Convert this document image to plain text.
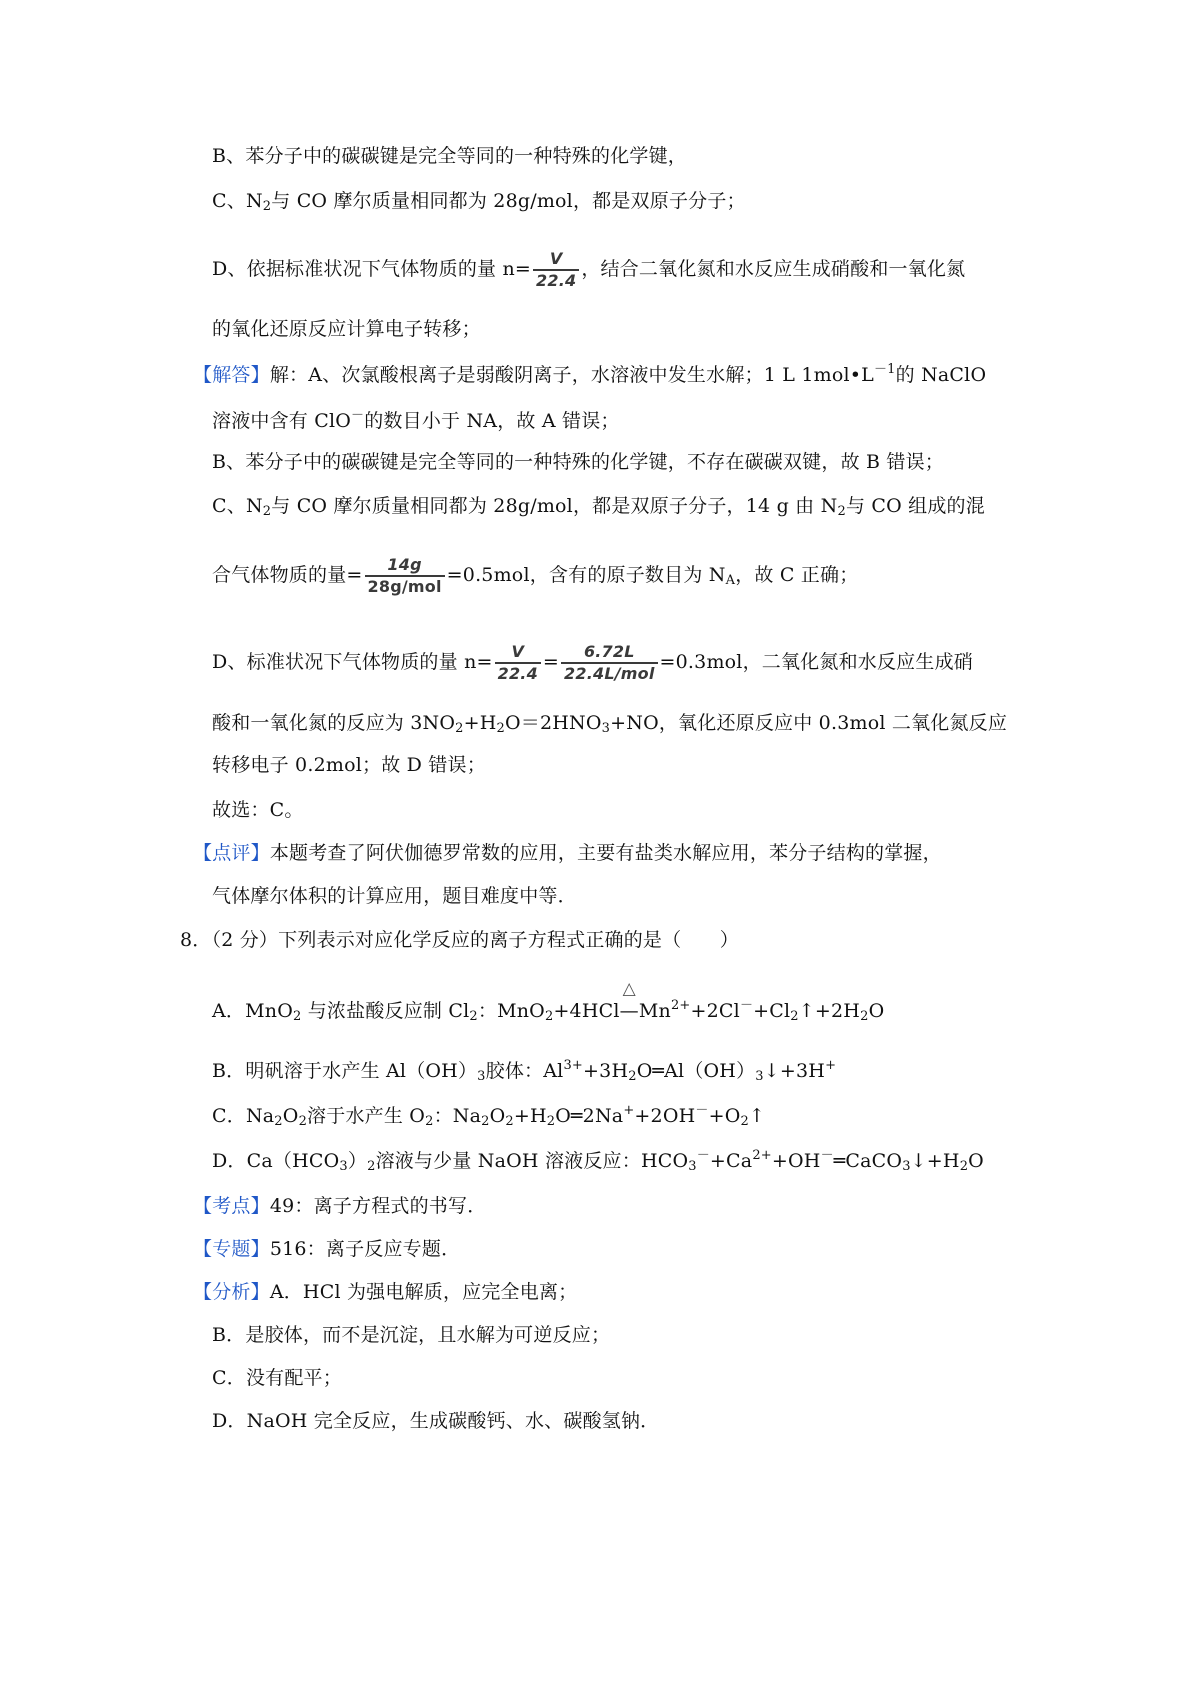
B、苯分子中的碳碳键是完全等同的一种特殊的化学键，
C、$N_2$与 CO 摩尔质量相同都为 28g/mol，都是双原子分子；
D、依据标准状况下气体物质的量 $n= \frac{V}{22.4}$ ，结合二氧化氮和水反应生成硝酸和一氧化氮
的氧化还原反应计算电子转移；
【解答】解：A、次氯酸根离子是弱酸阴离子，水溶液中发生水解；1 L $1mol•L^{-1}$的 NaClO
溶液中含有 ClO－的数目小于 NA，故 A 错误；
B、苯分子中的碳碳键是完全等同的一种特殊的化学键，不存在碳碳双键，故 B 错误；
C、$N_2$与 CO 摩尔质量相同都为 28g/mol，都是双原子分子，14 g 由 $N_2$与 CO 组成的混
合气体物质的量= $\frac{14g}{\text{28g/mol}} =0.5mol$，含有的原子数目为 $N_A$，故 C 正确；
D、标准状况下气体物质的量 $n= \frac{V}{22.4} = \frac{6.72L}{\text{22.4L/mol}} =0.3mol$，二氧化氮和水反应生成硝
酸和一氧化氮的反应为 $3NO_2+H_2O=2HNO_3+NO$，氧化还原反应中 0.3mol 二氧化氮反应
转移电子 0.2mol；故 D 错误；
故选：C。
【点评】本题考查了阿伏伽德罗常数的应用，主要有盐类水解应用，苯分子结构的掌握，
气体摩尔体积的计算应用，题目难度中等．
8．（2 分）下列表示对应化学反应的离子方程式正确的是（　　）
A．MnO$_2$ 与浓盐酸反应制 $Cl_2$：MnO$_2$+4HCl
△
$—Mn^{2+}+2Cl^-+Cl_2↑+2H_2O$
B．明矾溶于水产生 $Al(OH)_3$胶体：$Al^{3+}+3H_2O═Al(OH)_3↓+3H^+$
C．$Na_2O_2$溶于水产生 $O_2$：$Na_2O_2+H_2O═2Na^++2OH^-+O_2↑$
D．$Ca(HCO_3)_2$溶液与少量 NaOH 溶液反应：$HCO_3^-+Ca^{2+}+OH^-═CaCO_3↓+H_2O$
【考点】49：离子方程式的书写．
【专题】516：离子反应专题．
【分析】A．HCl 为强电解质，应完全电离；
B．是胶体，而不是沉淀，且水解为可逆反应；
C．没有配平；
D．NaOH 完全反应，生成碳酸钙、水、碳酸氢钠．
